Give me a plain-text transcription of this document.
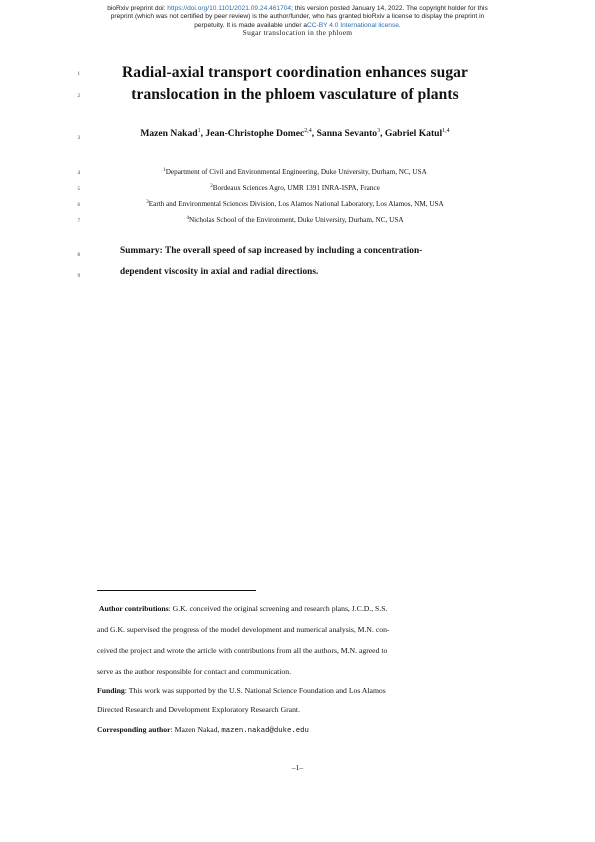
bioRxiv preprint doi: https://doi.org/10.1101/2021.09.24.461704; this version posted January 14, 2022. The copyright holder for this
preprint (which was not certified by peer review) is the author/funder, who has granted bioRxiv a license to display the preprint in
perpetuity. It is made available under aCC-BY 4.0 International license.
Sugar translocation in the phloem
1
2
3
4
5
6
7
8
9
Radial-axial transport coordination enhances sugar
translocation in the phloem vasculature of plants
Mazen Nakad$^1$, Jean-Christophe Domec$^{2,4}$, Sanna Sevanto$^3$, Gabriel Katul$^{1,4}$
$^1$Department of Civil and Environmental Engineering, Duke University, Durham, NC, USA
$^2$Bordeaux Sciences Agro, UMR 1391 INRA-ISPA, France
$^3$Earth and Environmental Sciences Division, Los Alamos National Laboratory, Los Alamos, NM, USA
$^4$Nicholas School of the Environment, Duke University, Durham, NC, USA
Summary: The overall speed of sap increased by including a concentration-
dependent viscosity in axial and radial directions.
Author contributions: G.K. conceived the original screening and research plans, J.C.D., S.S.
and G.K. supervised the progress of the model development and numerical analysis, M.N. con-
ceived the project and wrote the article with contributions from all the authors, M.N. agreed to
serve as the author responsible for contact and communication.
Funding: This work was supported by the U.S. National Science Foundation and Los Alamos
Directed Research and Development Exploratory Research Grant.
Corresponding author: Mazen Nakad, mazen.nakad@duke.edu
–1–
